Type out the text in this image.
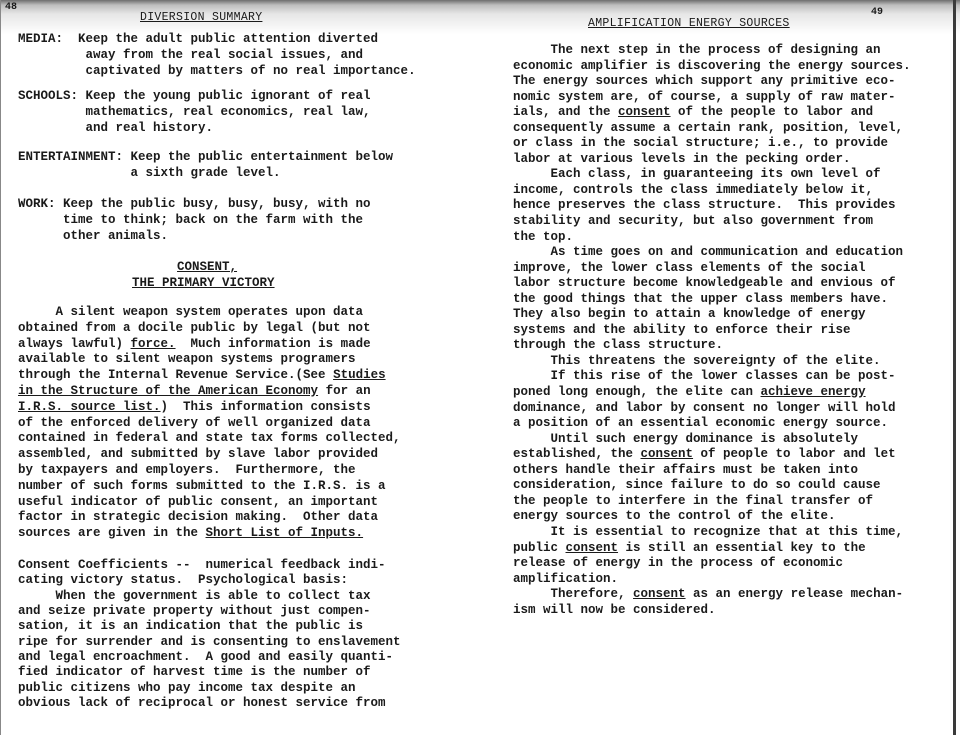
48
DIVERSION SUMMARY
MEDIA:  Keep the adult public attention diverted
away from the real social issues, and
captivated by matters of no real importance.
SCHOOLS: Keep the young public ignorant of real
mathematics, real economics, real law,
and real history.
ENTERTAINMENT: Keep the public entertainment below
a sixth grade level.
WORK: Keep the public busy, busy, busy, with no
time to think; back on the farm with the
other animals.
CONSENT,
THE PRIMARY VICTORY
A silent weapon system operates upon data
obtained from a docile public by legal (but not
always lawful) force.  Much information is made
available to silent weapon systems programers
through the Internal Revenue Service.(See Studies
in the Structure of the American Economy for an
I.R.S. source list.)  This information consists
of the enforced delivery of well organized data
contained in federal and state tax forms collected,
assembled, and submitted by slave labor provided
by taxpayers and employers.  Furthermore, the
number of such forms submitted to the I.R.S. is a
useful indicator of public consent, an important
factor in strategic decision making.  Other data
sources are given in the Short List of Inputs.
Consent Coefficients --  numerical feedback indi-
cating victory status.  Psychological basis:
When the government is able to collect tax
and seize private property without just compen-
sation, it is an indication that the public is
ripe for surrender and is consenting to enslavement
and legal encroachment.  A good and easily quanti-
fied indicator of harvest time is the number of
public citizens who pay income tax despite an
obvious lack of reciprocal or honest service from
49
AMPLIFICATION ENERGY SOURCES
The next step in the process of designing an
economic amplifier is discovering the energy sources.
The energy sources which support any primitive eco-
nomic system are, of course, a supply of raw mater-
ials, and the consent of the people to labor and
consequently assume a certain rank, position, level,
or class in the social structure; i.e., to provide
labor at various levels in the pecking order.
Each class, in guaranteeing its own level of
income, controls the class immediately below it,
hence preserves the class structure.  This provides
stability and security, but also government from
the top.
As time goes on and communication and education
improve, the lower class elements of the social
labor structure become knowledgeable and envious of
the good things that the upper class members have.
They also begin to attain a knowledge of energy
systems and the ability to enforce their rise
through the class structure.
This threatens the sovereignty of the elite.
If this rise of the lower classes can be post-
poned long enough, the elite can achieve energy
dominance, and labor by consent no longer will hold
a position of an essential economic energy source.
Until such energy dominance is absolutely
established, the consent of people to labor and let
others handle their affairs must be taken into
consideration, since failure to do so could cause
the people to interfere in the final transfer of
energy sources to the control of the elite.
It is essential to recognize that at this time,
public consent is still an essential key to the
release of energy in the process of economic
amplification.
Therefore, consent as an energy release mechan-
ism will now be considered.
